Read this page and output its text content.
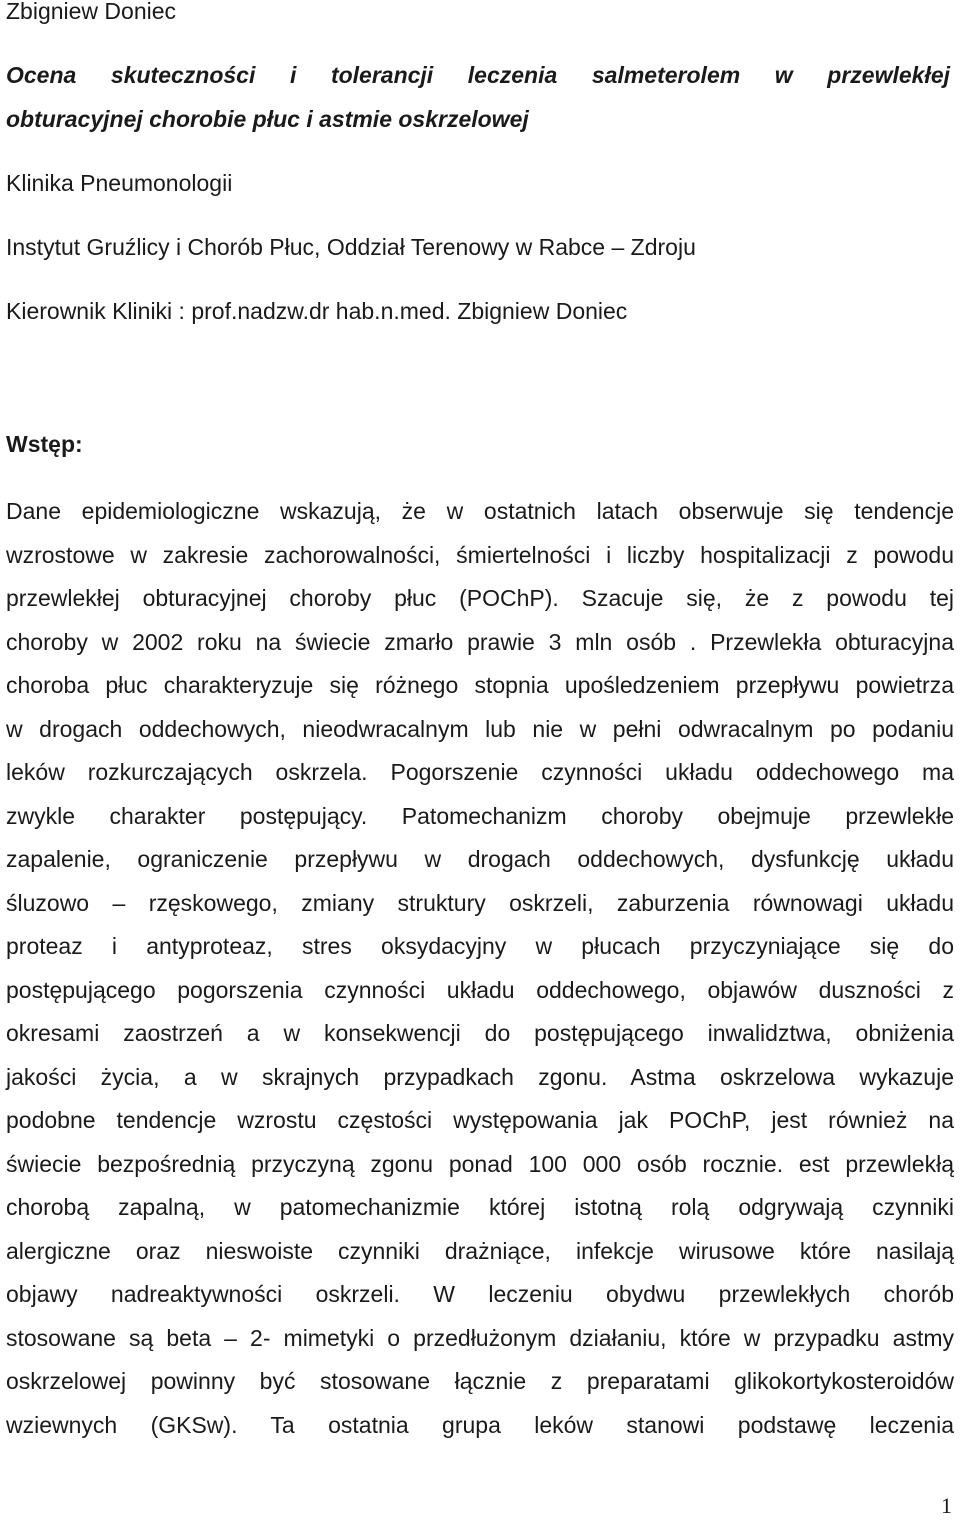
Zbigniew Doniec
Ocena skuteczności i tolerancji leczenia salmeterolem w przewlekłej
obturacyjnej chorobie płuc i astmie oskrzelowej
Klinika Pneumonologii
Instytut Gruźlicy i Chorób Płuc, Oddział Terenowy w Rabce – Zdroju
Kierownik Kliniki : prof.nadzw.dr hab.n.med. Zbigniew Doniec
Wstęp:
Dane epidemiologiczne wskazują, że w ostatnich latach obserwuje się tendencje
wzrostowe w zakresie zachorowalności, śmiertelności i liczby hospitalizacji z powodu
przewlekłej obturacyjnej choroby płuc (POChP). Szacuje się, że z powodu tej
choroby w 2002 roku na świecie zmarło prawie 3 mln osób . Przewlekła obturacyjna
choroba płuc charakteryzuje się różnego stopnia upośledzeniem przepływu powietrza
w drogach oddechowych, nieodwracalnym lub nie w pełni odwracalnym po podaniu
leków rozkurczających oskrzela. Pogorszenie czynności układu oddechowego ma
zwykle charakter postępujący. Patomechanizm choroby obejmuje przewlekłe
zapalenie, ograniczenie przepływu w drogach oddechowych, dysfunkcję układu
śluzowo – rzęskowego, zmiany struktury oskrzeli, zaburzenia równowagi układu
proteaz i antyproteaz, stres oksydacyjny w płucach przyczyniające się do
postępującego pogorszenia czynności układu oddechowego, objawów duszności z
okresami zaostrzeń a w konsekwencji do postępującego inwalidztwa, obniżenia
jakości życia, a w skrajnych przypadkach zgonu. Astma oskrzelowa wykazuje
podobne tendencje wzrostu częstości występowania jak POChP, jest również na
świecie bezpośrednią przyczyną zgonu ponad 100 000 osób rocznie. est przewlekłą
chorobą zapalną, w patomechanizmie której istotną rolą odgrywają czynniki
alergiczne oraz nieswoiste czynniki drażniące, infekcje wirusowe które nasilają
objawy nadreaktywności oskrzeli. W leczeniu obydwu przewlekłych chorób
stosowane są beta – 2- mimetyki o przedłużonym działaniu, które w przypadku astmy
oskrzelowej powinny być stosowane łącznie z preparatami glikokortykosteroidów
wziewnych (GKSw). Ta ostatnia grupa leków stanowi podstawę leczenia
1
